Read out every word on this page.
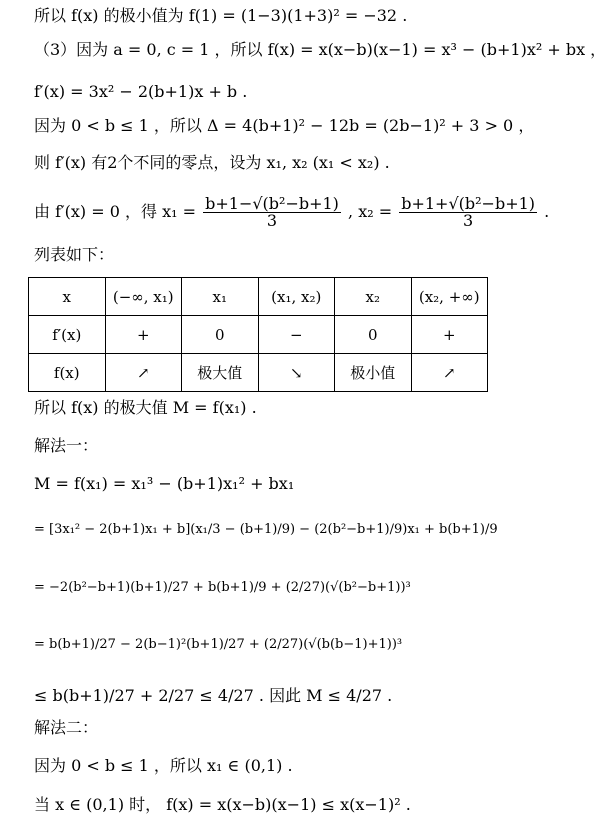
所以 f(x) 的极小值为 f(1) = (1−3)(1+3)² = −32 .
（3）因为 a = 0, c = 1 ，所以 f(x) = x(x−b)(x−1) = x³ − (b+1)x² + bx ，
f′(x) = 3x² − 2(b+1)x + b .
因为 0 < b ≤ 1 ，所以 Δ = 4(b+1)² − 12b = (2b−1)² + 3 > 0 ，
则 f′(x) 有2个不同的零点，设为 x₁, x₂ (x₁ < x₂) .
由 f′(x) = 0 ，得 $x_1 = \frac{\text{b+1−√(b²−b+1)}}{3}$ , $x_2 = \frac{\text{b+1+√(b²−b+1)}}{3}$ .
列表如下：
x	(−∞, x₁)	x₁	(x₁, x₂)	x₂	(x₂, +∞)
f′(x)	+	0	−	0	+
f(x)	↗	极大值	↘	极小值	↗
所以 f(x) 的极大值 M = f(x₁) .
解法一：
M = f(x₁) = x₁³ − (b+1)x₁² + bx₁
= [3x₁² − 2(b+1)x₁ + b](x₁/3 − (b+1)/9) − (2(b²−b+1)/9)x₁ + b(b+1)/9
= −2(b²−b+1)(b+1)/27 + b(b+1)/9 + (2/27)(√(b²−b+1))³
= b(b+1)/27 − 2(b−1)²(b+1)/27 + (2/27)(√(b(b−1)+1))³
≤ b(b+1)/27 + 2/27 ≤ 4/27 . 因此 M ≤ 4/27 .
解法二：
因为 0 < b ≤ 1 ，所以 x₁ ∈ (0,1) .
当 x ∈ (0,1) 时， f(x) = x(x−b)(x−1) ≤ x(x−1)² .
